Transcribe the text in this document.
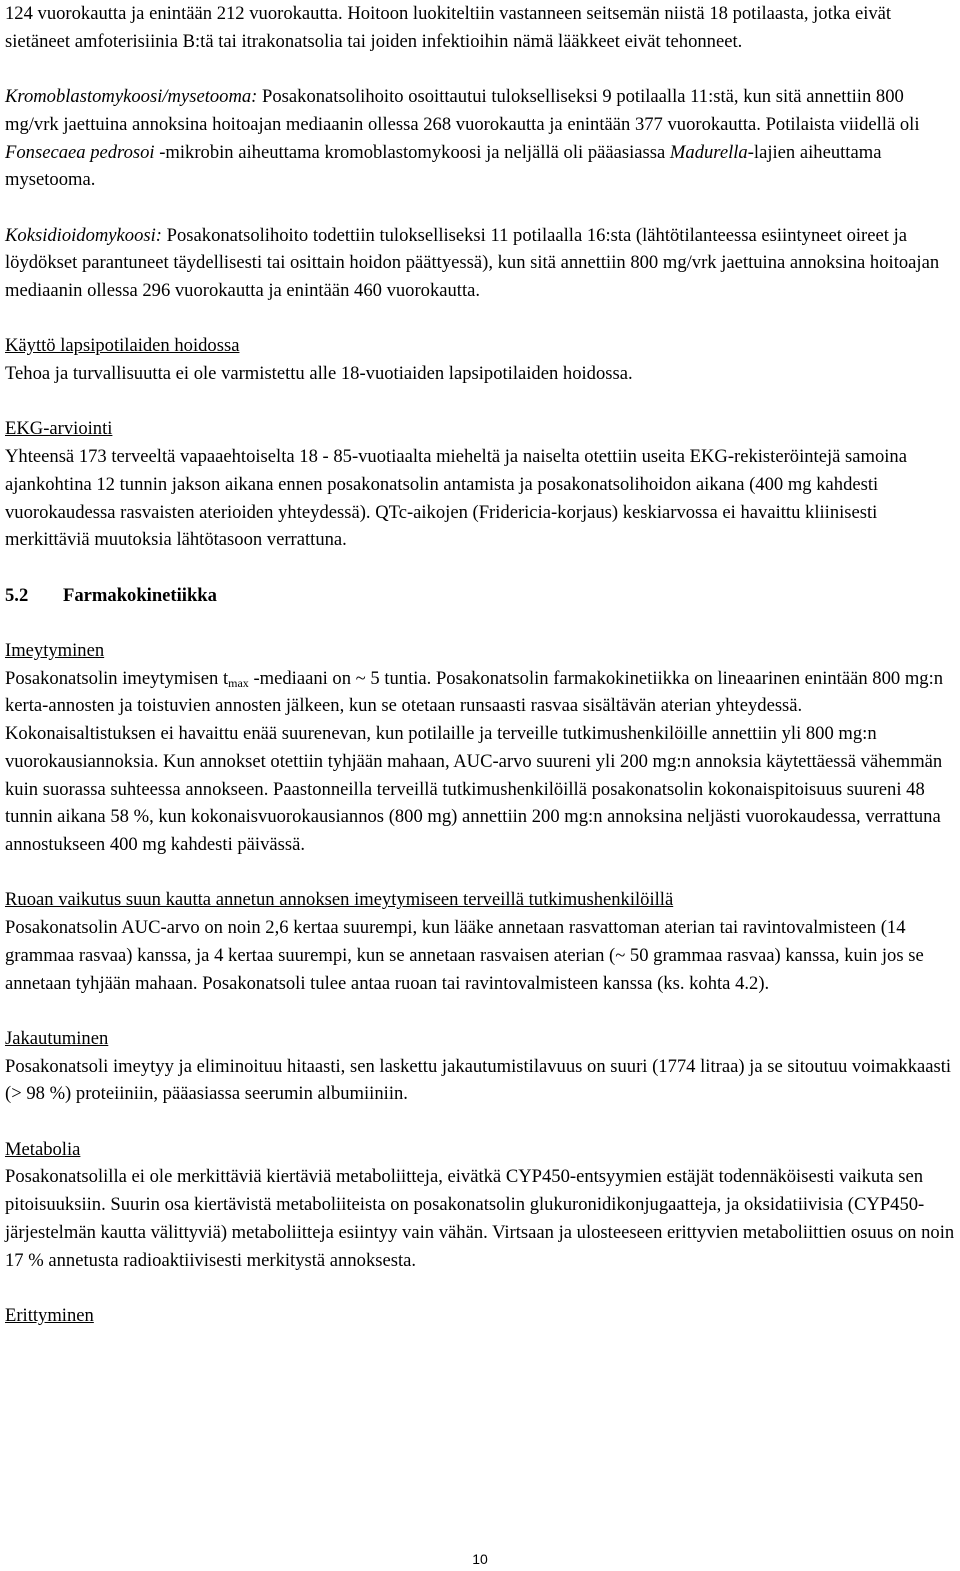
124 vuorokautta ja enintään 212 vuorokautta. Hoitoon luokiteltiin vastanneen seitsemän niistä 18 potilaasta, jotka eivät sietäneet amfoterisiinia B:tä tai itrakonatsolia tai joiden infektioihin nämä lääkkeet eivät tehonneet.

Kromoblastomykoosi/mysetooma: Posakonatsolihoito osoittautui tulokselliseksi 9 potilaalla 11:stä, kun sitä annettiin 800 mg/vrk jaettuina annoksina hoitoajan mediaanin ollessa 268 vuorokautta ja enintään 377 vuorokautta. Potilaista viidellä oli Fonsecaea pedrosoi -mikrobin aiheuttama kromoblastomykoosi ja neljällä oli pääasiassa Madurella-lajien aiheuttama mysetooma.

Koksidioidomykoosi: Posakonatsolihoito todettiin tulokselliseksi 11 potilaalla 16:sta (lähtötilanteessa esiintyneet oireet ja löydökset parantuneet täydellisesti tai osittain hoidon päättyessä), kun sitä annettiin 800 mg/vrk jaettuina annoksina hoitoajan mediaanin ollessa 296 vuorokautta ja enintään 460 vuorokautta.

Käyttö lapsipotilaiden hoidossa

Tehoa ja turvallisuutta ei ole varmistettu alle 18-vuotiaiden lapsipotilaiden hoidossa.

EKG-arviointi

Yhteensä 173 terveeltä vapaaehtoiselta 18 - 85-vuotiaalta mieheltä ja naiselta otettiin useita EKG-rekisteröintejä samoina ajankohtina 12 tunnin jakson aikana ennen posakonatsolin antamista ja posakonatsolihoidon aikana (400 mg kahdesti vuorokaudessa rasvaisten aterioiden yhteydessä). QTc-aikojen (Fridericia-korjaus) keskiarvossa ei havaittu kliinisesti merkittäviä muutoksia lähtötasoon verrattuna.

5.2 Farmakokinetiikka

Imeytyminen

Posakonatsolin imeytymisen $t_{max}$ -mediaani on ~ 5 tuntia. Posakonatsolin farmakokinetiikka on lineaarinen enintään 800 mg:n kerta-annosten ja toistuvien annosten jälkeen, kun se otetaan runsaasti rasvaa sisältävän aterian yhteydessä. Kokonaisaltistuksen ei havaittu enää suurenevan, kun potilaille ja terveille tutkimushenkilöille annettiin yli 800 mg:n vuorokausiannoksia. Kun annokset otettiin tyhjään mahaan, AUC-arvo suureni yli 200 mg:n annoksia käytettäessä vähemmän kuin suorassa suhteessa annokseen. Paastonneilla terveillä tutkimushenkilöillä posakonatsolin kokonaispitoisuus suureni 48 tunnin aikana 58 %, kun kokonaisvuorokausiannos (800 mg) annettiin 200 mg:n annoksina neljästi vuorokaudessa, verrattuna annostukseen 400 mg kahdesti päivässä.

Ruoan vaikutus suun kautta annetun annoksen imeytymiseen terveillä tutkimushenkilöillä

Posakonatsolin AUC-arvo on noin 2,6 kertaa suurempi, kun lääke annetaan rasvattoman aterian tai ravintovalmisteen (14 grammaa rasvaa) kanssa, ja 4 kertaa suurempi, kun se annetaan rasvaisen aterian (~ 50 grammaa rasvaa) kanssa, kuin jos se annetaan tyhjään mahaan. Posakonatsoli tulee antaa ruoan tai ravintovalmisteen kanssa (ks. kohta 4.2).

Jakautuminen

Posakonatsoli imeytyy ja eliminoituu hitaasti, sen laskettu jakautumistilavuus on suuri (1774 litraa) ja se sitoutuu voimakkaasti (> 98 %) proteiiniin, pääasiassa seerumin albumiiniin.

Metabolia

Posakonatsolilla ei ole merkittäviä kiertäviä metaboliitteja, eivätkä CYP450-entsyymien estäjät todennäköisesti vaikuta sen pitoisuuksiin. Suurin osa kiertävistä metaboliiteista on posakonatsolin glukuronidikonjugaatteja, ja oksidatiivisia (CYP450-järjestelmän kautta välittyviä) metaboliitteja esiintyy vain vähän. Virtsaan ja ulosteeseen erittyvien metaboliittien osuus on noin 17 % annetusta radioaktiivisesti merkitystä annoksesta.

Erittyminen

10
